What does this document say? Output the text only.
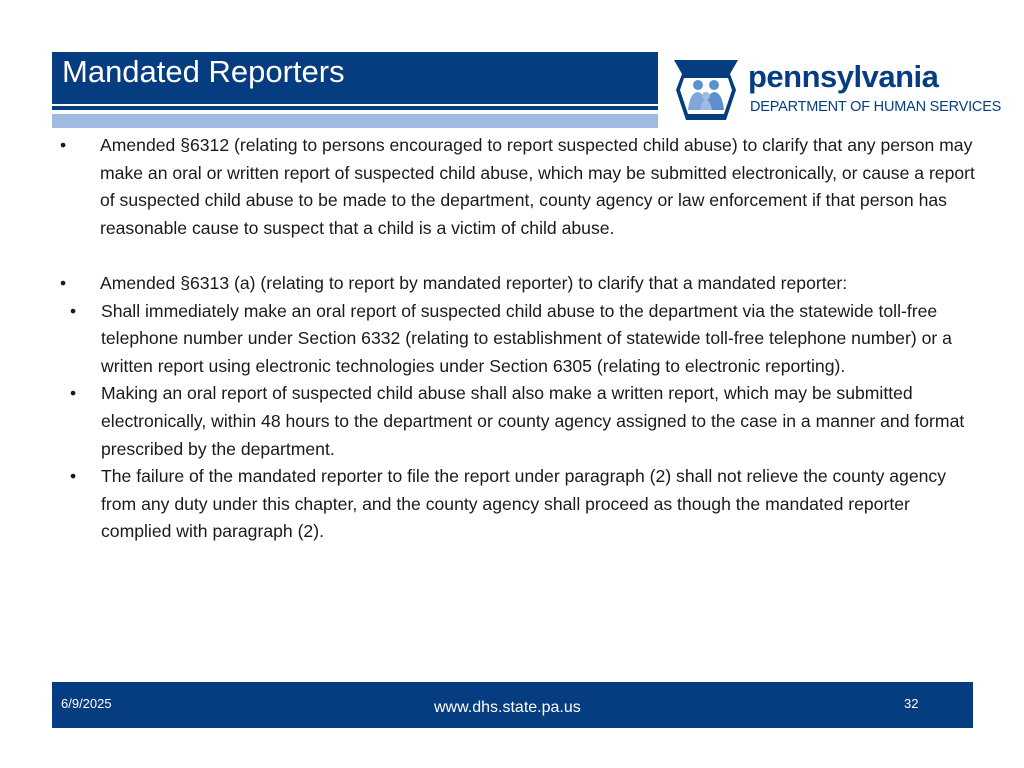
Mandated Reporters	pennsylvania
DEPARTMENT OF HUMAN SERVICES
• Amended §6312 (relating to persons encouraged to report suspected child abuse) to clarify that any person may make an oral or written report of suspected child abuse, which may be submitted electronically, or cause a report of suspected child abuse to be made to the department, county agency or law enforcement if that person has reasonable cause to suspect that a child is a victim of child abuse.
• Amended §6313 (a) (relating to report by mandated reporter) to clarify that a mandated reporter:
• Shall immediately make an oral report of suspected child abuse to the department via the statewide toll-free telephone number under Section 6332 (relating to establishment of statewide toll-free telephone number) or a written report using electronic technologies under Section 6305 (relating to electronic reporting).
• Making an oral report of suspected child abuse shall also make a written report, which may be submitted electronically, within 48 hours to the department or county agency assigned to the case in a manner and format prescribed by the department.
• The failure of the mandated reporter to file the report under paragraph (2) shall not relieve the county agency from any duty under this chapter, and the county agency shall proceed as though the mandated reporter complied with paragraph (2).
6/9/2025	www.dhs.state.pa.us	32
